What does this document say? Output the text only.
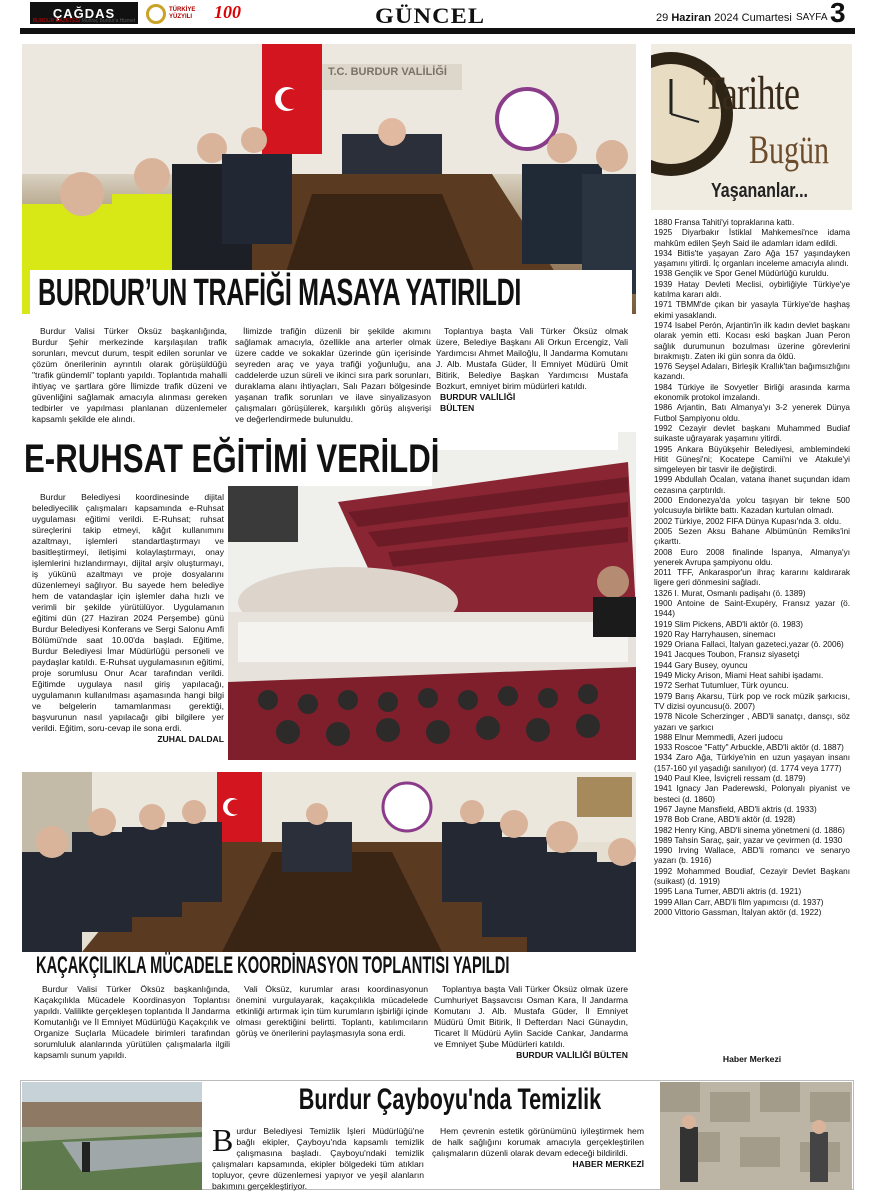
ÇAĞDAS
BURDUR GAZETESİ Muhtaç Burdur'a Hizmet
TÜRKİYE YÜZYILI	100	GÜNCEL	29 Haziran 2024 Cumartesi SAYFA 3
T.C. BURDUR VALİLİĞİ
BURDUR’UN TRAFİĞİ MASAYA YATIRILDI

Burdur Valisi Türker Öksüz başkanlığında, Burdur Şehir merkezinde karşılaşılan trafik sorunları, mevcut durum, tespit edilen sorunlar ve çözüm önerilerinin ayrıntılı olarak görüşüldüğü "trafik gündemli" toplantı yapıldı. Toplantıda mahalli ihtiyaç ve şartlara göre İlimizde trafik düzeni ve güvenliğini sağlamak amacıyla alınması gereken tedbirler ve yapılması planlanan düzenlemeler kapsamlı şekilde ele alındı.

İlimizde trafiğin düzenli bir şekilde akımını sağlamak amacıyla, özellikle ana arterler olmak üzere cadde ve sokaklar üzerinde gün içerisinde seyreden araç ve yaya trafiği yoğunluğu, ana caddelerde uzun süreli ve ikinci sıra park sorunları, duraklama alanı ihtiyaçları, Salı Pazarı bölgesinde yaşanan trafik sorunları ve ilave sinyalizasyon çalışmaları görüşülerek, karşılıklı görüş alışverişi ve değerlendirmede bulunuldu.

Toplantıya başta Vali Türker Öksüz olmak üzere, Belediye Başkanı Ali Orkun Ercengiz, Vali Yardımcısı Ahmet Mailoğlu, İl Jandarma Komutanı J. Alb. Mustafa Güder, İl Emniyet Müdürü Ümit Bitirik, Belediye Başkan Yardımcısı Mustafa Bozkurt, emniyet birim müdürleri katıldı.

BURDUR VALİLİĞİ
BÜLTEN
E-RUHSAT EĞİTİMİ VERİLDİ

Burdur Belediyesi koordinesinde dijital belediyecilik çalışmaları kapsamında e-Ruhsat uygulaması eğitimi verildi. E-Ruhsat; ruhsat süreçlerini takip etmeyi, kâğıt kullanımını azaltmayı, işlemleri standartlaştırmayı ve basitleştirmeyi, iletişimi kolaylaştırmayı, onay işlemlerini hızlandırmayı, dijital arşiv oluşturmayı, iş yükünü azaltmayı ve proje dosyalarını düzenlemeyi sağlıyor. Bu sayede hem belediye hem de vatandaşlar için işlemler daha hızlı ve verimli bir şekilde yürütülüyor. Uygulamanın eğitimi dün (27 Haziran 2024 Perşembe) günü Burdur Belediyesi Konferans ve Sergi Salonu Amfi Bölümü'nde saat 10.00'da başladı. Eğitime, Burdur Belediyesi İmar Müdürlüğü personeli ve paydaşlar katıldı. E-Ruhsat uygulamasının eğitimi, proje sorumlusu Onur Acar tarafından verildi. Eğitimde uygulaya nasıl giriş yapılacağı, uygulamanın kullanılması aşamasında hangi bilgi ve belgelerin tamamlanması gerektiği, başvurunun nasıl yapılacağı gibi bilgilere yer verildi. Eğitim, soru-cevap ile sona erdi.

ZUHAL DALDAL
KAÇAKÇILIKLA MÜCADELE KOORDİNASYON TOPLANTISI YAPILDI

Burdur Valisi Türker Öksüz başkanlığında, Kaçakçılıkla Mücadele Koordinasyon Toplantısı yapıldı. Valilikte gerçekleşen toplantıda İl Jandarma Komutanlığı ve İl Emniyet Müdürlüğü Kaçakçılık ve Organize Suçlarla Mücadele birimleri tarafından sorumluluk alanlarında yürütülen çalışmalarla ilgili kapsamlı sunum yapıldı.

Vali Öksüz, kurumlar arası koordinasyonun önemini vurgulayarak, kaçakçılıkla mücadelede etkinliği artırmak için tüm kurumların işbirliği içinde olması gerektiğini belirtti. Toplantı, katılımcıların görüş ve önerilerini paylaşmasıyla sona erdi.

Toplantıya başta Vali Türker Öksüz olmak üzere Cumhuriyet Başsavcısı Osman Kara, İl Jandarma Komutanı J. Alb. Mustafa Güder, İl Emniyet Müdürü Ümit Bitirik, İl Defterdarı Naci Günaydın, Ticaret İl Müdürü Aylin Sacide Cankar, Jandarma ve Emniyet Şube Müdürleri katıldı.

BURDUR VALİLİĞİ BÜLTEN
Burdur Çayboyu'nda Temizlik
Burdur Belediyesi Temizlik İşleri Müdürlüğü'ne bağlı ekipler, Çayboyu'nda kapsamlı temizlik çalışmasına başladı. Çayboyu'ndaki temizlik çalışmaları kapsamında, ekipler bölgedeki tüm atıkları topluyor, çevre düzenlemesi yapıyor ve yeşil alanların bakımını gerçekleştiriyor.

Hem çevrenin estetik görünümünü iyileştirmek hem de halk sağlığını korumak amacıyla gerçekleştirilen çalışmaların düzenli olarak devam edeceği bildirildi.

HABER MERKEZİ
Tarihte
Bugün
Yaşananlar...
1880 Fransa Tahiti'yi topraklarına kattı.
1925 Diyarbakır İstiklal Mahkemesi'nce idama mahkûm edilen Şeyh Said ile adamları idam edildi.
1934 Bitlis'te yaşayan Zaro Ağa 157 yaşındayken yaşamını yitirdi. İç organları inceleme amacıyla alındı.
1938 Gençlik ve Spor Genel Müdürlüğü kuruldu.
1939 Hatay Devleti Meclisi, oybirliğiyle Türkiye'ye katılma kararı aldı.
1971 TBMM'de çıkan bir yasayla Türkiye'de haşhaş ekimi yasaklandı.
1974 Isabel Perón, Arjantin'in ilk kadın devlet başkanı olarak yemin etti. Kocası eski başkan Juan Peron sağlık durumunun bozulması üzerine görevlerini bırakmıştı. Zaten iki gün sonra da öldü.
1976 Seyşel Adaları, Birleşik Krallık'tan bağımsızlığını kazandı.
1984 Türkiye ile Sovyetler Birliği arasında karma ekonomik protokol imzalandı.
1986 Arjantin, Batı Almanya'yı 3-2 yenerek Dünya Futbol Şampiyonu oldu.
1992 Cezayir devlet başkanı Muhammed Budiaf suikaste uğrayarak yaşamını yitirdi.
1995 Ankara Büyükşehir Belediyesi, amblemindeki Hitit Güneşi'ni; Kocatepe Camii'ni ve Atakule'yi simgeleyen bir tasvir ile değiştirdi.
1999 Abdullah Öcalan, vatana ihanet suçundan idam cezasına çarptırıldı.
2000 Endonezya'da yolcu taşıyan bir tekne 500 yolcusuyla birlikte battı. Kazadan kurtulan olmadı.
2002 Türkiye, 2002 FIFA Dünya Kupası'nda 3. oldu.
2005 Sezen Aksu Bahane Albümünün Remiks'ini çıkarttı.
2008 Euro 2008 finalinde İspanya, Almanya'yı yenerek Avrupa şampiyonu oldu.
2011 TFF, Ankaraspor'un ihraç kararını kaldırarak ligere geri dönmesini sağladı.
1326 I. Murat, Osmanlı padişahı (ö. 1389)
1900 Antoine de Saint-Exupéry, Fransız yazar (ö. 1944)
1919 Slim Pickens, ABD'li aktör (ö. 1983)
1920 Ray Harryhausen, sinemacı
1929 Oriana Fallaci, İtalyan gazeteci,yazar (ö. 2006)
1941 Jacques Toubon, Fransız siyasetçi
1944 Gary Busey, oyuncu
1949 Micky Arison, Miami Heat sahibi işadamı.
1972 Serhat Tutumluer, Türk oyuncu.
1979 Barış Akarsu, Türk pop ve rock müzik şarkıcısı, TV dizisi oyuncusu(ö. 2007)
1978 Nicole Scherzinger , ABD'li sanatçı, dansçı, söz yazarı ve şarkıcı
1988 Elnur Memmedli, Azeri judocu
1933 Roscoe "Fatty" Arbuckle, ABD'li aktör (d. 1887)
1934 Zaro Ağa, Türkiye'nin en uzun yaşayan insanı (157-160 yıl yaşadığı sanılıyor) (d. 1774 veya 1777)
1940 Paul Klee, İsviçreli ressam (d. 1879)
1941 Ignacy Jan Paderewski, Polonyalı piyanist ve besteci (d. 1860)
1967 Jayne Mansfield, ABD'li aktris (d. 1933)
1978 Bob Crane, ABD'li aktör (d. 1928)
1982 Henry King, ABD'li sinema yönetmeni (d. 1886)
1989 Tahsin Saraç, şair, yazar ve çevirmen (d. 1930
1990 Irving Wallace, ABD'li romancı ve senaryo yazarı (b. 1916)
1992 Mohammed Boudiaf, Cezayir Devlet Başkanı (suikast) (d. 1919)
1995 Lana Turner, ABD'li aktris (d. 1921)
1999 Allan Carr, ABD'li film yapımcısı (d. 1937)
2000 Vittorio Gassman, İtalyan aktör (d. 1922)
Haber Merkezi
